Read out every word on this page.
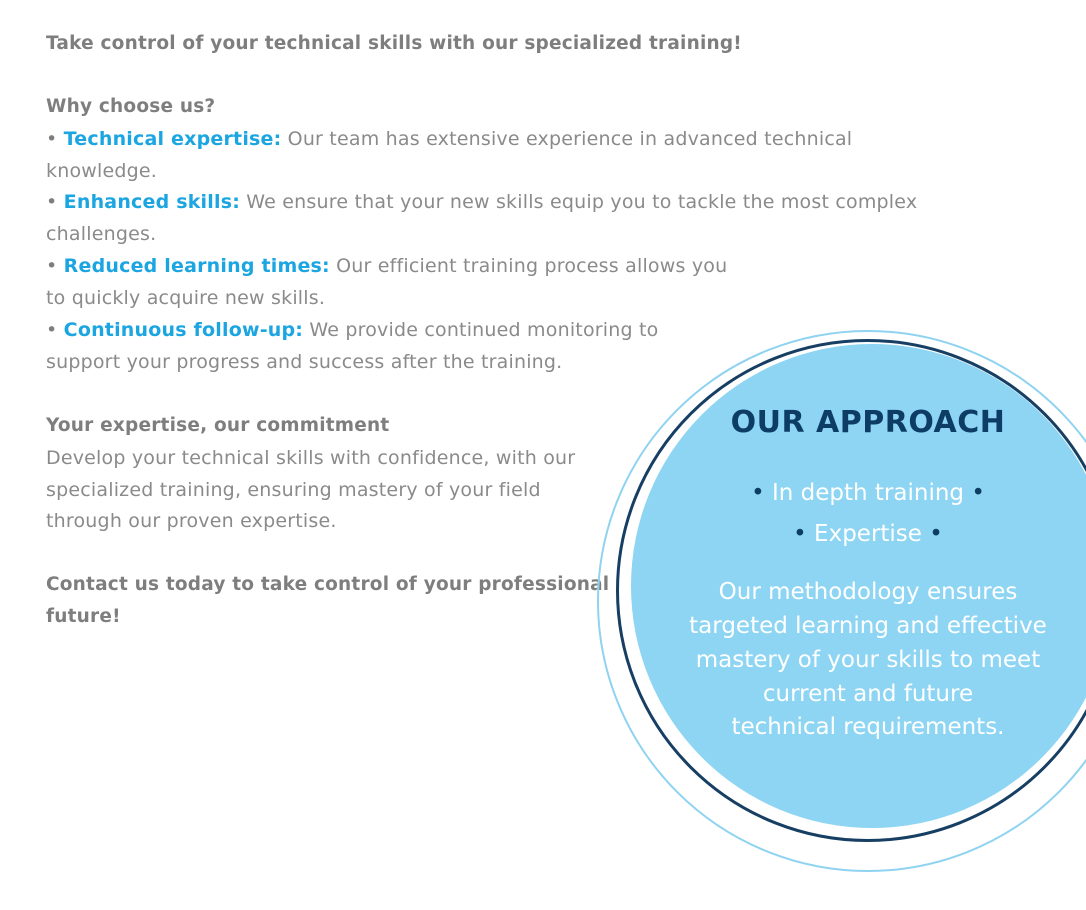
Take control of your technical skills with our specialized training!
Why choose us?
• Technical expertise: Our team has extensive experience in advanced technical
knowledge.
• Enhanced skills: We ensure that your new skills equip you to tackle the most complex
challenges.
• Reduced learning times: Our efficient training process allows you
to quickly acquire new skills.
• Continuous follow-up: We provide continued monitoring to
support your progress and success after the training.
Your expertise, our commitment
Develop your technical skills with confidence, with our
specialized training, ensuring mastery of your field
through our proven expertise.
Contact us today to take control of your professional
future!
OUR APPROACH
• In depth training •
• Expertise •
Our methodology ensures
targeted learning and effective
mastery of your skills to meet
current and future
technical requirements.
